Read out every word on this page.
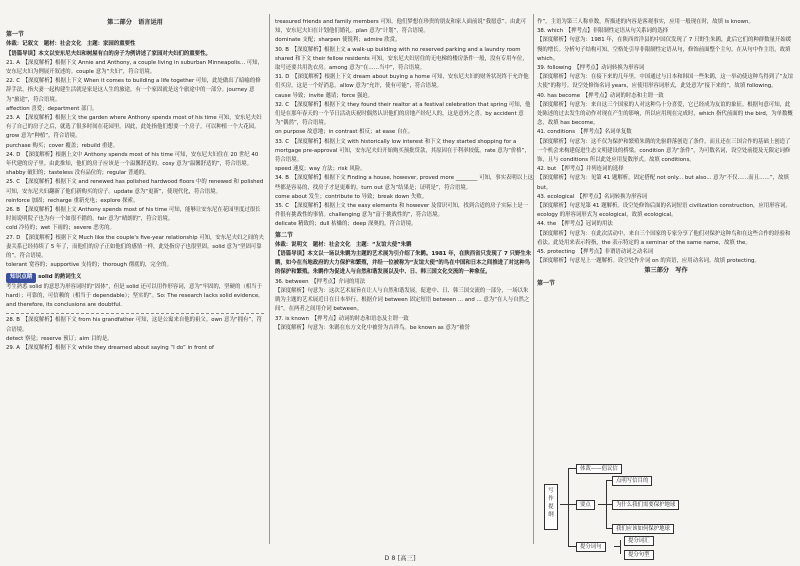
第二部分　语言运用

第一节

体裁：记叙文　题材：社会文化　主题：家园的重要性

【语篇导读】本文以安东尼夫妇和树屋有白的房子为例讲述了家园对夫妇们的重要性。

21. A　【深度解析】根据下文 Annie and Anthony, a couple living in suburban Minneapolis... 可知，安东尼夫妇为例展开叙述的。couple 意为“夫妇”，符合语境。

22. C　【深度解析】根据上下文 When it comes to building a life together 可知，此处做出了暗喻的修辞手法，指夫妻一起构建生活就是家是这人生的旅途，有一个家固就是这个旅途中的一部分。journey 意为“旅途”，符合语境。

affection 喜爱；department 部门。

23. A　【深度解析】根据上文 the garden where Anthony spends most of his time 可知，安东尼夫妇有了自己的房子之后，就选了很多时间在花园里。因此，此处指他们想要一个房子，可以种植一个大花园。grow 意为“种植”，符合语境。

purchase 购买；cover 覆盖；rebuild 重建。

24. D　【深度解析】根据上文中 Anthony spends most of his time 可知，安东尼夫妇住在 20 世纪 40 年代建的房子里。由此推知，他们的房子应该是一个温馨舒适的。cosy 意为“温馨舒适的”，符合语境。

shabby 破旧的；tasteless 没有品位的；regular 普通的。

25. C　【深度解析】根据下文 and renewed has polished hardwood floors 中的 renewed 和 polished 可知，安东尼夫妇翻新了他们新购买的房子。update 意为“更新”，使现代化，符合语境。

reinforce 加固；recharge 重新充电；explore 探索。

26. B　【深度解析】根据上文 Anthony spends most of his time 可知，能够让安东尼在花园里度过很长时间说明院子也为有一个如很不錯的。fair 意为“晴朗的”，符合语境。

cold 冷待的；wet 下雨的；severe 恶劣的。

27. D　【深度解析】根据下文 Much like the couple's five-year relationship 可知，安东尼夫妇之间的夫妻关系已经持续了 5 年了，而他们的房子正如他们的感情一样，此处指房子也很坚固。solid 意为“坚固可靠的”，符合语境。

tolerant 宽容的；supportive 支持的；thorough 彻底的，完全的。

知识点睛 solid 的熟词生义

考生熟悉 solid 的意思为形容词时的“固体”，但是 solid 还可以用作形容词，意为“牢固的，坚硬的（相当于 hard）；可靠的，可信赖的（相当于 dependable）；坚实的”。So: The research lacks solid evidence, and therefore, its conclusions are doubtful.

28. B　【深度解析】根据下文 from his grandfather 可知，这是公寓来自他的祖父。own 意为“拥有”，符合语境。

detect 察觉；reserve 预订；aim 目的是。

29. A　【深度解析】根据下文 while they dreamed about saying “I do” in front of

treasured friends and family members 可知，他们梦想在珍贵的朋友和家人面前说“我愿意”。由此可知，安东尼夫妇在计划他们婚礼。plan 意为“计划”，符合语境。

dominate 支配；sharpen 使锐利；admire 欣赏。

30. B　【深度解析】根据上文 a walk-up building with no reserved parking and a laundry room shared 和下文 their fellow residents 可知，安东尼夫妇居住的无电梯的楼房条件一般，没有专用车位，取号还要共用洗衣房。among 意为“在……当中”，符合语境。

31. D　【深度解析】根据上下文 dream about buying a home 可知，安东尼夫妇的财务状况终于允许他们买房，这是一个好消息。allow 意为“允许，使有可能”，符合语境。

cause 导致；invite 邀请；force 强迫。

32. C　【深度解析】根据下文 they found their realtor at a festival celebration that spring 可知，他们是在那年春天的一个节日活动庆祝时偶然认识他们的房地产经纪人的，这是意外之喜。by accident 意为“偶然”，符合语境。

on purpose 故意地；in contrast 相反；at ease 自在。

33. C　【深度解析】根据上文 with historically low interest 和下文 they started shopping for a mortgage pre-approval 可知，安东尼夫妇开始购买预批贷款，其原因在于利率较低。rate 意为“价格”，符合语境。

speed 速度；way 方法；risk 风险。

34. B　【深度解析】根据下文 Finding a house, however, proved more ________ 可知，事实表明以上这些都是容易的，找房子才是更难的。turn out 意为“结果是；证明是”，符合语境。

come about 发生；contribute to 导致；break down 失败。

35. C　【深度解析】根据上文 the easy elements 和 however 及常识可知，找到合适的房子实际上是一件很有挑战性的事情。challenging 意为“富于挑战性的”，符合语境。

delicate 精致的；dull 枯燥的；deep 深奥的，符合语境。

第二节

体裁：说明文　题材：社会文化　主题：“友谊大使”朱鹮

【语篇导读】本文以一场以朱鹮为主题的艺术展为引介绍了朱鹮。1981 年，在陕西省只发现了 7 只野生朱鹮，如今在当地政府的大力保护和繁殖，并经一位被称为“友谊大使”的鸟在中国和日本之间推进了对这种鸟的保护和繁殖。朱鹮作为促进人与自然和谐发展以及中、日、韩三国文化交流的一种象征。

36. between　【押考点】介词的用法

【深度解析】句意为：这次艺术展旨在让人与自然和谐发展，促进中、日、韩三国交流的一部分，一场以朱鹮为主题的艺术展近日在日本举行。根据介词 between 固定短语 between ... and ... 意为“在人与自然之间”，在两者之间用介词 between。

37. is known　【押考点】动词的时态和语态及主谓一致

【深度解析】句意为：朱鹮在东方文化中被誉为吉祥鸟。be known as 意为“被誉

作”，主语为第三人称单数，所描述的内容是客观事实，应用一般现在时，故填 is known。

38. which　【押考点】非限制性定语从句关系词的选择

【深度解析】句意为：1981 年，在陕西省洋县的中国仅发现了 7 只野生朱鹮，此后它们的种群数量开始缓慢的增长。分析句子结构可知，空格处引导非限制性定语从句，修饰前面整个主句，在从句中作主语，故填 which。

39. following　【押考点】动词转换为形容词

【深度解析】句意为：在接下来的几年里，中国通过与日本和韩国一些朱鹮，这一举动使这种鸟得到了“友谊大使”的称号。设空处修饰名词 years，应使用形容词形式，此处意为“接下来的”，故填 following。

40. has become　【押考点】动词的时态和主谓一致

【深度解析】句意为：来自这三个国家的人对这种鸟十分喜爱，它已经成为友谊的象征。根据句意可知，此处陈述的过去发生的动作对现在产生的影响，所以应用现在完成时，which 指代前面的 the bird，为单数概念，故填 has become。

41. conditions　【押考点】名词单复数

【深度解析】句意为：这不仅为保护和繁殖朱鹮的先驱群落创造了条件，而且还在三国合作的基础上创造了一个机会来构建促进生态文明建设的桥梁。condition 意为“条件”，为可数名词，设空处前提及无限定词修饰，且与 conditions 所以此处应用复数形式。故填 conditions。

42. but　【押考点】并列连词的选择

【深度解析】句意为：见第 41 题解析。固定搭配 not only... but also... 意为“不仅……而且……”，故填 but。

43. ecological　【押考点】名词转换为形容词

【深度解析】句意见第 41 题解析。设空处修饰后面的名词短语 civilization construction，应用形容词。ecology 的形容词形式为 ecological，故填 ecological。

44. the　【押考点】冠词的用法

【深度解析】句意为：在此次活动中，来自三个国家的专家分享了他们对保护这种鸟和在这些合作的经验和看法。此处用来表示特指，the 表示特定的 a seminar of the same name，故填 the。

45. protecting　【押考点】非谓语动词之动名词

【深度解析】句意见上一题解析。设空处作介词 on 的宾语，应用动名词。故填 protecting。

第三部分　写作

第一节

写作提纲
体裁——倡议信
要点
提分词句
点明写信目的
为什么我们需要保护地球
我们应该如何保护地球
提分词汇
提分句型
D 8 [高三]
